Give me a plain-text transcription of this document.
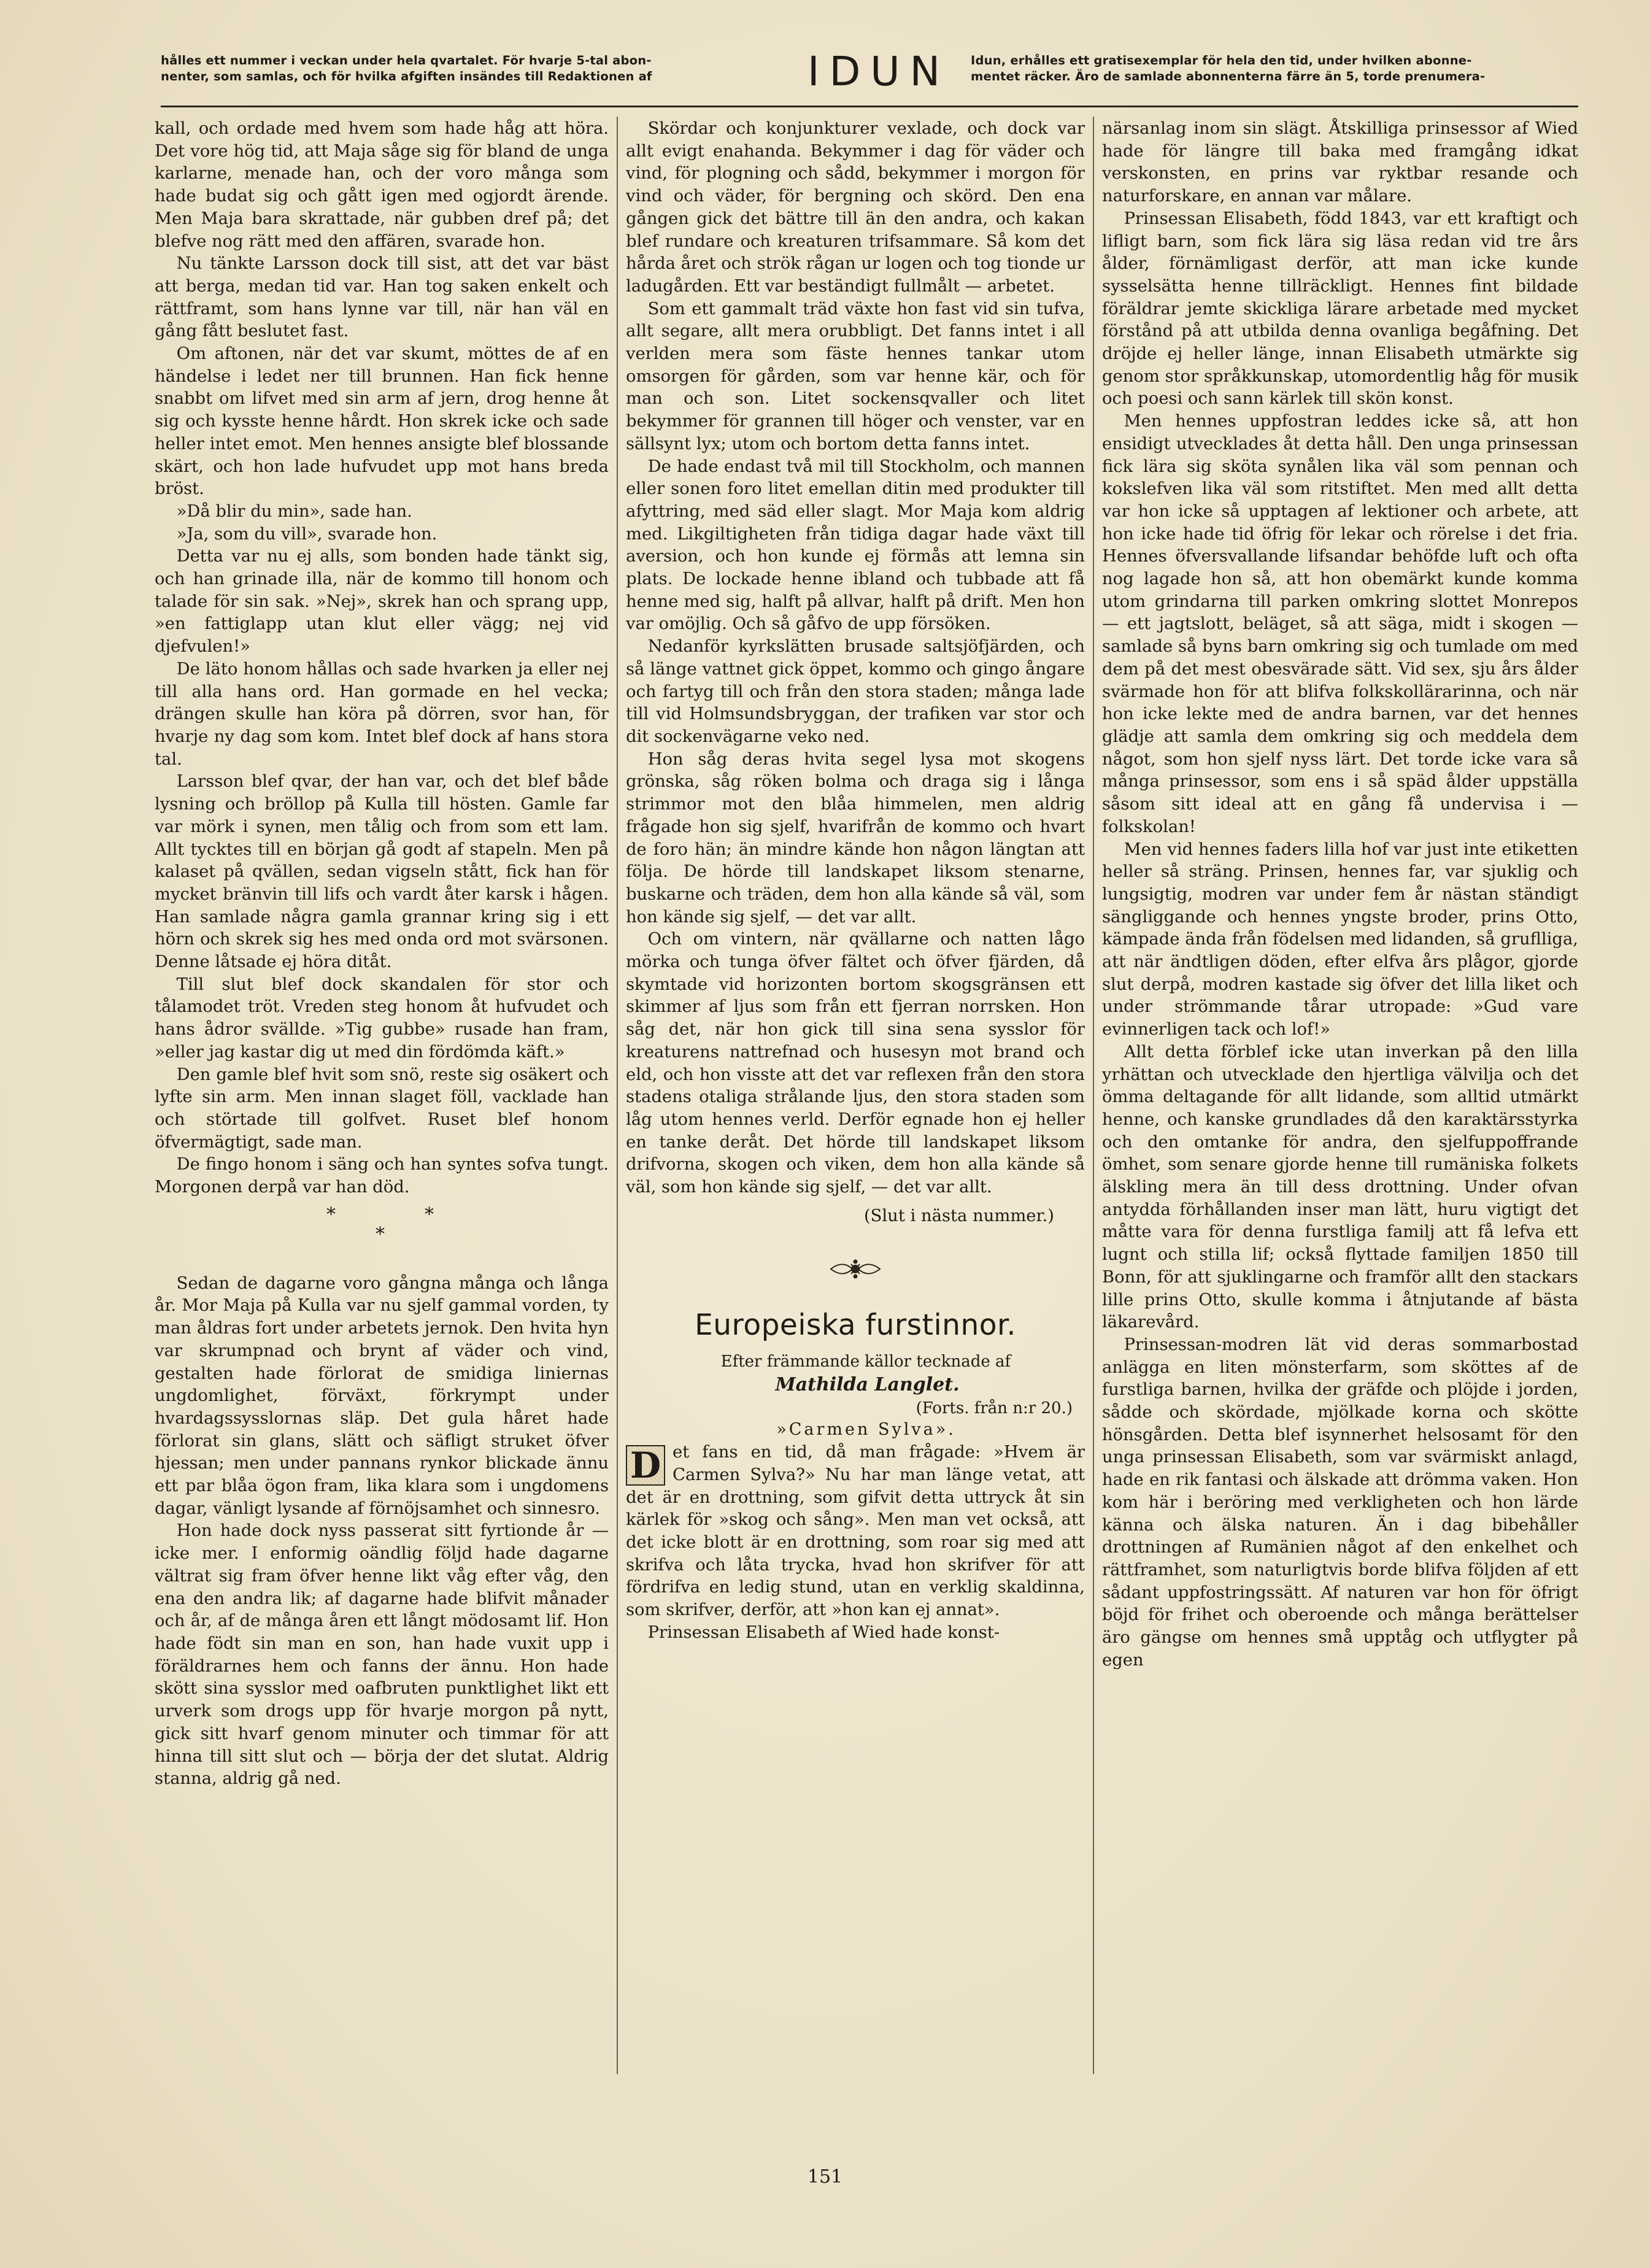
hålles ett nummer i veckan under hela qvartalet. För hvarje 5-tal abon-
nenter, som samlas, och för hvilka afgiften insändes till Redaktionen af	IDUN	Idun, erhålles ett gratisexemplar för hela den tid, under hvilken abonne-
mentet räcker. Äro de samlade abonnenterna färre än 5, torde prenumera-

kall, och ordade med hvem som hade håg att höra. Det vore hög tid, att Maja såge sig för bland de unga karlarne, menade han, och der voro många som hade budat sig och gått igen med ogjordt ärende. Men Maja bara skrattade, när gubben dref på; det blefve nog rätt med den affären, svarade hon.

Nu tänkte Larsson dock till sist, att det var bäst att berga, medan tid var. Han tog saken enkelt och rättframt, som hans lynne var till, när han väl en gång fått beslutet fast.

Om aftonen, när det var skumt, möttes de af en händelse i ledet ner till brunnen. Han fick henne snabbt om lifvet med sin arm af jern, drog henne åt sig och kysste henne hårdt. Hon skrek icke och sade heller intet emot. Men hennes ansigte blef blossande skärt, och hon lade hufvudet upp mot hans breda bröst.

»Då blir du min», sade han.

»Ja, som du vill», svarade hon.

Detta var nu ej alls, som bonden hade tänkt sig, och han grinade illa, när de kommo till honom och talade för sin sak. »Nej», skrek han och sprang upp, »en fattiglapp utan klut eller vägg; nej vid djefvulen!»

De läto honom hållas och sade hvarken ja eller nej till alla hans ord. Han gormade en hel vecka; drängen skulle han köra på dörren, svor han, för hvarje ny dag som kom. Intet blef dock af hans stora tal.

Larsson blef qvar, der han var, och det blef både lysning och bröllop på Kulla till hösten. Gamle far var mörk i synen, men tålig och from som ett lam. Allt tycktes till en början gå godt af stapeln. Men på kalaset på qvällen, sedan vigseln stått, fick han för mycket bränvin till lifs och vardt åter karsk i hågen. Han samlade några gamla grannar kring sig i ett hörn och skrek sig hes med onda ord mot svärsonen. Denne låtsade ej höra ditåt.

Till slut blef dock skandalen för stor och tålamodet tröt. Vreden steg honom åt hufvudet och hans ådror svällde. »Tig gubbe» rusade han fram, »eller jag kastar dig ut med din fördömda käft.»

Den gamle blef hvit som snö, reste sig osäkert och lyfte sin arm. Men innan slaget föll, vacklade han och störtade till golfvet. Ruset blef honom öfvermägtigt, sade man.

De fingo honom i säng och han syntes sofva tungt. Morgonen derpå var han död.

*	*
*

Sedan de dagarne voro gångna många och långa år. Mor Maja på Kulla var nu sjelf gammal vorden, ty man åldras fort under arbetets jernok. Den hvita hyn var skrumpnad och brynt af väder och vind, gestalten hade förlorat de smidiga liniernas ungdomlighet, förväxt, förkrympt under hvardagssysslornas släp. Det gula håret hade förlorat sin glans, slätt och säfligt struket öfver hjessan; men under pannans rynkor blickade ännu ett par blåa ögon fram, lika klara som i ungdomens dagar, vänligt lysande af förnöjsamhet och sinnesro.

Hon hade dock nyss passerat sitt fyrtionde år — icke mer. I enformig oändlig följd hade dagarne vältrat sig fram öfver henne likt våg efter våg, den ena den andra lik; af dagarne hade blifvit månader och år, af de många åren ett långt mödosamt lif. Hon hade födt sin man en son, han hade vuxit upp i föräldrarnes hem och fanns der ännu. Hon hade skött sina sysslor med oafbruten punktlighet likt ett urverk som drogs upp för hvarje morgon på nytt, gick sitt hvarf genom minuter och timmar för att hinna till sitt slut och — börja der det slutat. Aldrig stanna, aldrig gå ned.

Skördar och konjunkturer vexlade, och dock var allt evigt enahanda. Bekymmer i dag för väder och vind, för plogning och sådd, bekymmer i morgon för vind och väder, för bergning och skörd. Den ena gången gick det bättre till än den andra, och kakan blef rundare och kreaturen trifsammare. Så kom det hårda året och strök rågan ur logen och tog tionde ur ladugården. Ett var beständigt fullmålt — arbetet.

Som ett gammalt träd växte hon fast vid sin tufva, allt segare, allt mera orubbligt. Det fanns intet i all verlden mera som fäste hennes tankar utom omsorgen för gården, som var henne kär, och för man och son. Litet sockensqvaller och litet bekymmer för grannen till höger och venster, var en sällsynt lyx; utom och bortom detta fanns intet.

De hade endast två mil till Stockholm, och mannen eller sonen foro litet emellan ditin med produkter till afyttring, med säd eller slagt. Mor Maja kom aldrig med. Likgiltigheten från tidiga dagar hade växt till aversion, och hon kunde ej förmås att lemna sin plats. De lockade henne ibland och tubbade att få henne med sig, halft på allvar, halft på drift. Men hon var omöjlig. Och så gåfvo de upp försöken.

Nedanför kyrkslätten brusade saltsjöfjärden, och så länge vattnet gick öppet, kommo och gingo ångare och fartyg till och från den stora staden; många lade till vid Holmsundsbryggan, der trafiken var stor och dit sockenvägarne veko ned.

Hon såg deras hvita segel lysa mot skogens grönska, såg röken bolma och draga sig i långa strimmor mot den blåa himmelen, men aldrig frågade hon sig sjelf, hvarifrån de kommo och hvart de foro hän; än mindre kände hon någon längtan att följa. De hörde till landskapet liksom stenarne, buskarne och träden, dem hon alla kände så väl, som hon kände sig sjelf, — det var allt.

Och om vintern, när qvällarne och natten lågo mörka och tunga öfver fältet och öfver fjärden, då skymtade vid horizonten bortom skogsgränsen ett skimmer af ljus som från ett fjerran norrsken. Hon såg det, när hon gick till sina sena sysslor för kreaturens nattrefnad och husesyn mot brand och eld, och hon visste att det var reflexen från den stora stadens otaliga strålande ljus, den stora staden som låg utom hennes verld. Derför egnade hon ej heller en tanke deråt. Det hörde till landskapet liksom drifvorna, skogen och viken, dem hon alla kände så väl, som hon kände sig sjelf, — det var allt.

(Slut i nästa nummer.)

Europeiska furstinnor.

Efter främmande källor tecknade af

Mathilda Langlet.

(Forts. från n:r 20.)

»Carmen Sylva».

D et fans en tid, då man frågade: »Hvem är Carmen Sylva?» Nu har man länge vetat, att det är en drottning, som gifvit detta uttryck åt sin kärlek för »skog och sång». Men man vet också, att det icke blott är en drottning, som roar sig med att skrifva och låta trycka, hvad hon skrifver för att fördrifva en ledig stund, utan en verklig skaldinna, som skrifver, derför, att »hon kan ej annat».

Prinsessan Elisabeth af Wied hade konst-

närsanlag inom sin slägt. Åtskilliga prinsessor af Wied hade för längre till baka med framgång idkat verskonsten, en prins var ryktbar resande och naturforskare, en annan var målare.

Prinsessan Elisabeth, född 1843, var ett kraftigt och lifligt barn, som fick lära sig läsa redan vid tre års ålder, förnämligast derför, att man icke kunde sysselsätta henne tillräckligt. Hennes fint bildade föräldrar jemte skickliga lärare arbetade med mycket förstånd på att utbilda denna ovanliga begåfning. Det dröjde ej heller länge, innan Elisabeth utmärkte sig genom stor språkkunskap, utomordentlig håg för musik och poesi och sann kärlek till skön konst.

Men hennes uppfostran leddes icke så, att hon ensidigt utvecklades åt detta håll. Den unga prinsessan fick lära sig sköta synålen lika väl som pennan och kokslefven lika väl som ritstiftet. Men med allt detta var hon icke så upptagen af lektioner och arbete, att hon icke hade tid öfrig för lekar och rörelse i det fria. Hennes öfversvallande lifsandar behöfde luft och ofta nog lagade hon så, att hon obemärkt kunde komma utom grindarna till parken omkring slottet Monrepos — ett jagtslott, beläget, så att säga, midt i skogen — samlade så byns barn omkring sig och tumlade om med dem på det mest obesvärade sätt. Vid sex, sju års ålder svärmade hon för att blifva folkskollärarinna, och när hon icke lekte med de andra barnen, var det hennes glädje att samla dem omkring sig och meddela dem något, som hon sjelf nyss lärt. Det torde icke vara så många prinsessor, som ens i så späd ålder uppställa såsom sitt ideal att en gång få undervisa i — folkskolan!

Men vid hennes faders lilla hof var just inte etiketten heller så sträng. Prinsen, hennes far, var sjuklig och lungsigtig, modren var under fem år nästan ständigt sängliggande och hennes yngste broder, prins Otto, kämpade ända från födelsen med lidanden, så gruflliga, att när ändtligen döden, efter elfva års plågor, gjorde slut derpå, modren kastade sig öfver det lilla liket och under strömmande tårar utropade: »Gud vare evinnerligen tack och lof!»

Allt detta förblef icke utan inverkan på den lilla yrhättan och utvecklade den hjertliga välvilja och det ömma deltagande för allt lidande, som alltid utmärkt henne, och kanske grundlades då den karaktärsstyrka och den omtanke för andra, den sjelfuppoffrande ömhet, som senare gjorde henne till rumäniska folkets älskling mera än till dess drottning. Under ofvan antydda förhållanden inser man lätt, huru vigtigt det måtte vara för denna furstliga familj att få lefva ett lugnt och stilla lif; också flyttade familjen 1850 till Bonn, för att sjuklingarne och framför allt den stackars lille prins Otto, skulle komma i åtnjutande af bästa läkarevård.

Prinsessan-modren lät vid deras sommarbostad anlägga en liten mönsterfarm, som sköttes af de furstliga barnen, hvilka der gräfde och plöjde i jorden, sådde och skördade, mjölkade korna och skötte hönsgården. Detta blef isynnerhet helsosamt för den unga prinsessan Elisabeth, som var svärmiskt anlagd, hade en rik fantasi och älskade att drömma vaken. Hon kom här i beröring med verkligheten och hon lärde känna och älska naturen. Än i dag bibehåller drottningen af Rumänien något af den enkelhet och rättframhet, som naturligtvis borde blifva följden af ett sådant uppfostringssätt. Af naturen var hon för öfrigt böjd för frihet och oberoende och många berättelser äro gängse om hennes små upptåg och utflygter på egen

151
